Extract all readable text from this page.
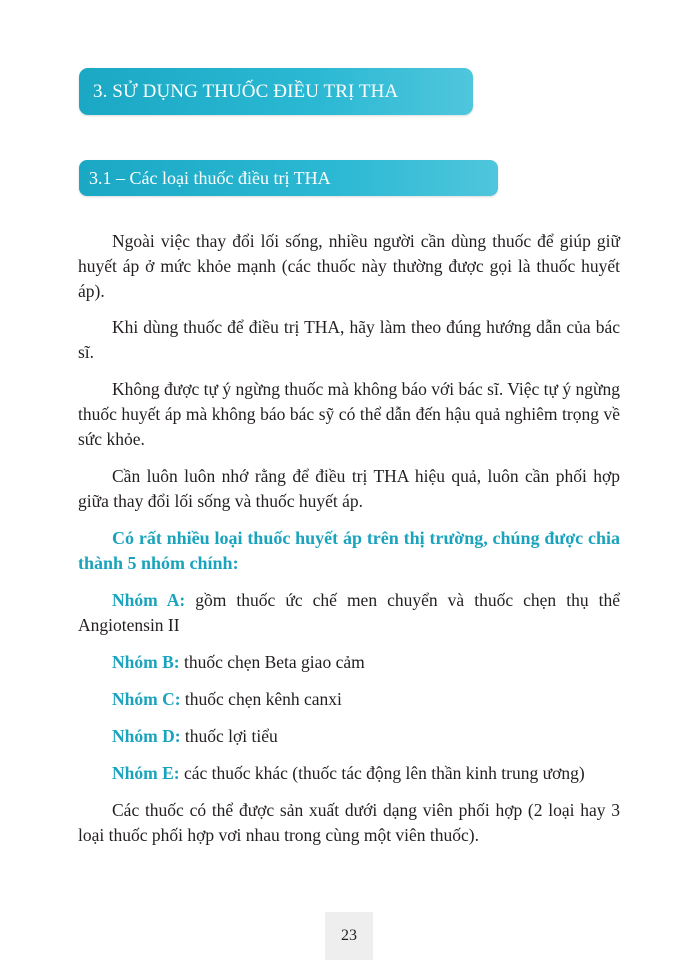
3. SỬ DỤNG THUỐC ĐIỀU TRỊ THA
3.1 – Các loại thuốc điều trị THA

Ngoài việc thay đổi lối sống, nhiều người cần dùng thuốc để giúp giữ huyết áp ở mức khỏe mạnh (các thuốc này thường được gọi là thuốc huyết áp).

Khi dùng thuốc để điều trị THA, hãy làm theo đúng hướng dẫn của bác sĩ.

Không được tự ý ngừng thuốc mà không báo với bác sĩ. Việc tự ý ngừng thuốc huyết áp mà không báo bác sỹ có thể dẫn đến hậu quả nghiêm trọng về sức khỏe.

Cần luôn luôn nhớ rằng để điều trị THA hiệu quả, luôn cần phối hợp giữa thay đổi lối sống và thuốc huyết áp.

Có rất nhiều loại thuốc huyết áp trên thị trường, chúng được chia thành 5 nhóm chính:

Nhóm A: gồm thuốc ức chế men chuyển và thuốc chẹn thụ thể Angiotensin II

Nhóm B: thuốc chẹn Beta giao cảm

Nhóm C: thuốc chẹn kênh canxi

Nhóm D: thuốc lợi tiểu

Nhóm E: các thuốc khác (thuốc tác động lên thần kinh trung ương)

Các thuốc có thể được sản xuất dưới dạng viên phối hợp (2 loại hay 3 loại thuốc phối hợp vơi nhau trong cùng một viên thuốc).

23
